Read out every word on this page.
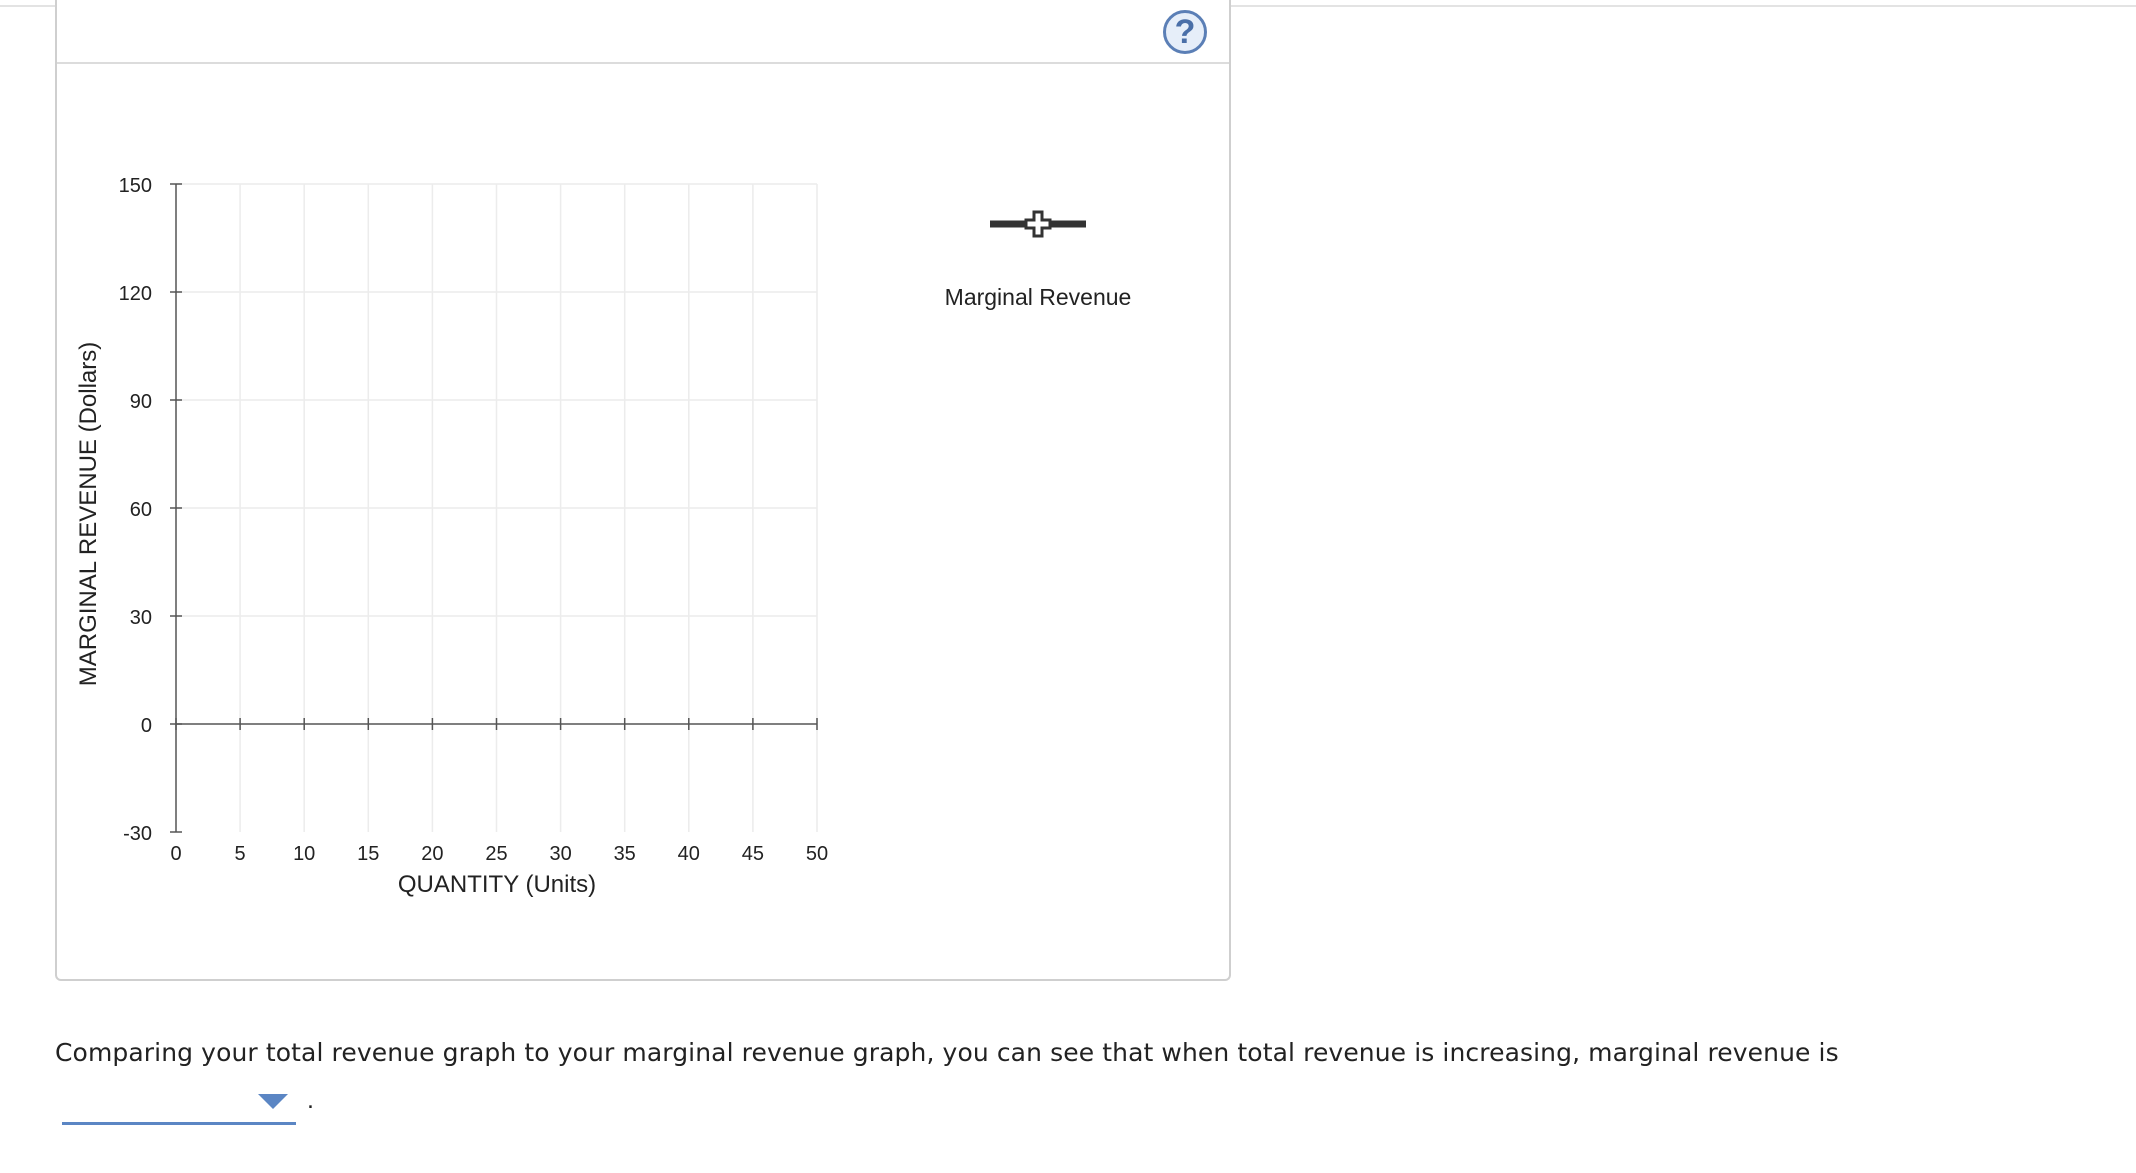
?
150
120
90
60
30
0
-30
0	5 10 15 20 25 30 35 40 45 50
QUANTITY (Units)
MARGINAL REVENUE (Dollars)
Marginal Revenue
Comparing your total revenue graph to your marginal revenue graph, you can see that when total revenue is increasing, marginal revenue is
.
